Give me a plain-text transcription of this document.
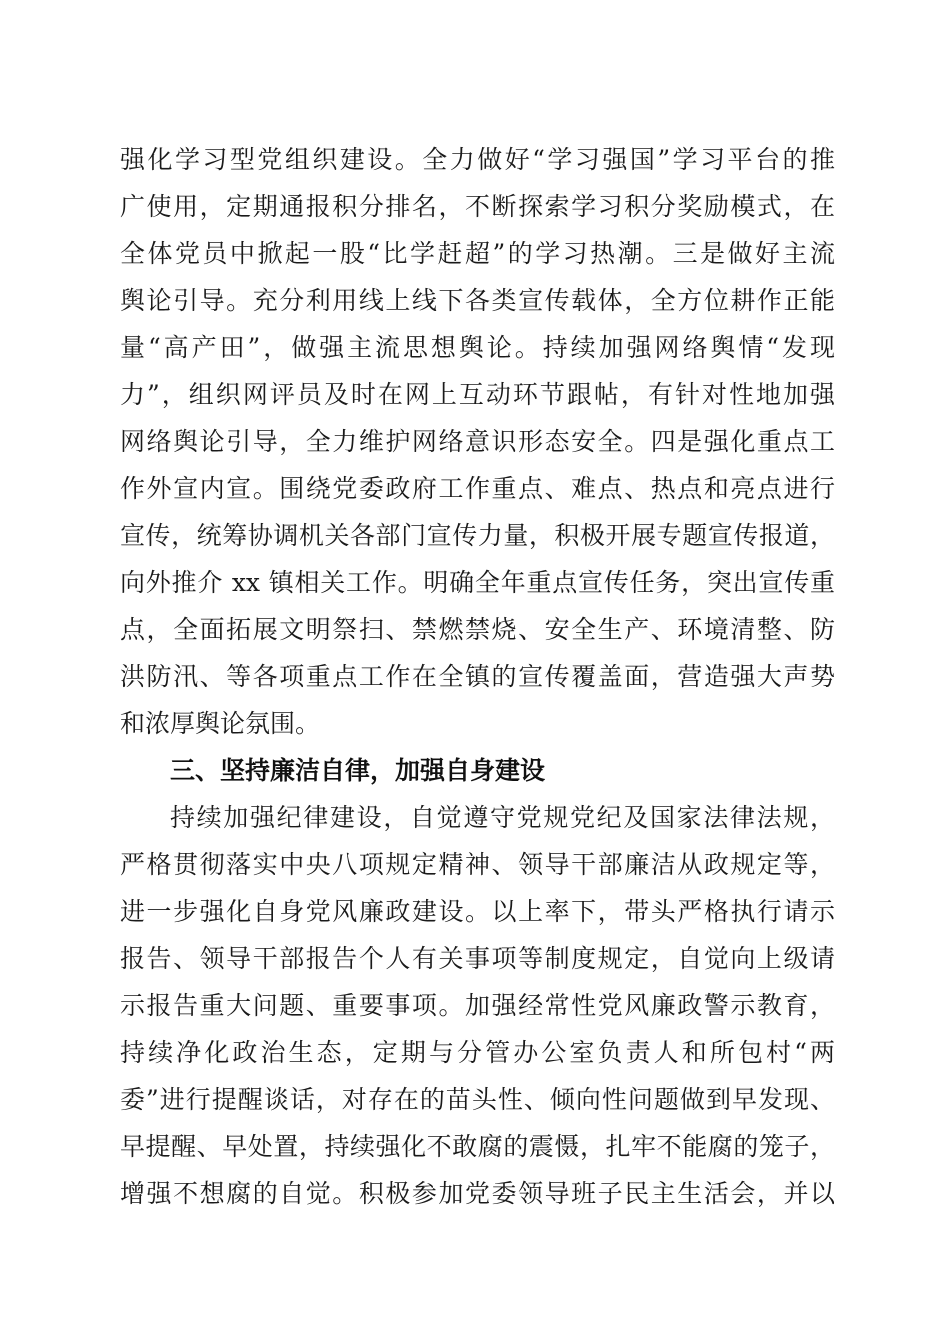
强化学习型党组织建设。全力做好“学习强国”学习平台的推
广使用，定期通报积分排名，不断探索学习积分奖励模式，在
全体党员中掀起一股“比学赶超”的学习热潮。三是做好主流
舆论引导。充分利用线上线下各类宣传载体，全方位耕作正能
量“高产田”，做强主流思想舆论。持续加强网络舆情“发现
力”，组织网评员及时在网上互动环节跟帖，有针对性地加强
网络舆论引导，全力维护网络意识形态安全。四是强化重点工
作外宣内宣。围绕党委政府工作重点、难点、热点和亮点进行
宣传，统筹协调机关各部门宣传力量，积极开展专题宣传报道，
向外推介 xx 镇相关工作。明确全年重点宣传任务，突出宣传重
点，全面拓展文明祭扫、禁燃禁烧、安全生产、环境清整、防
洪防汛、等各项重点工作在全镇的宣传覆盖面，营造强大声势
和浓厚舆论氛围。
三、坚持廉洁自律，加强自身建设
持续加强纪律建设，自觉遵守党规党纪及国家法律法规，
严格贯彻落实中央八项规定精神、领导干部廉洁从政规定等，
进一步强化自身党风廉政建设。以上率下，带头严格执行请示
报告、领导干部报告个人有关事项等制度规定，自觉向上级请
示报告重大问题、重要事项。加强经常性党风廉政警示教育，
持续净化政治生态，定期与分管办公室负责人和所包村“两
委”进行提醒谈话，对存在的苗头性、倾向性问题做到早发现、
早提醒、早处置，持续强化不敢腐的震慑，扎牢不能腐的笼子，
增强不想腐的自觉。积极参加党委领导班子民主生活会，并以
